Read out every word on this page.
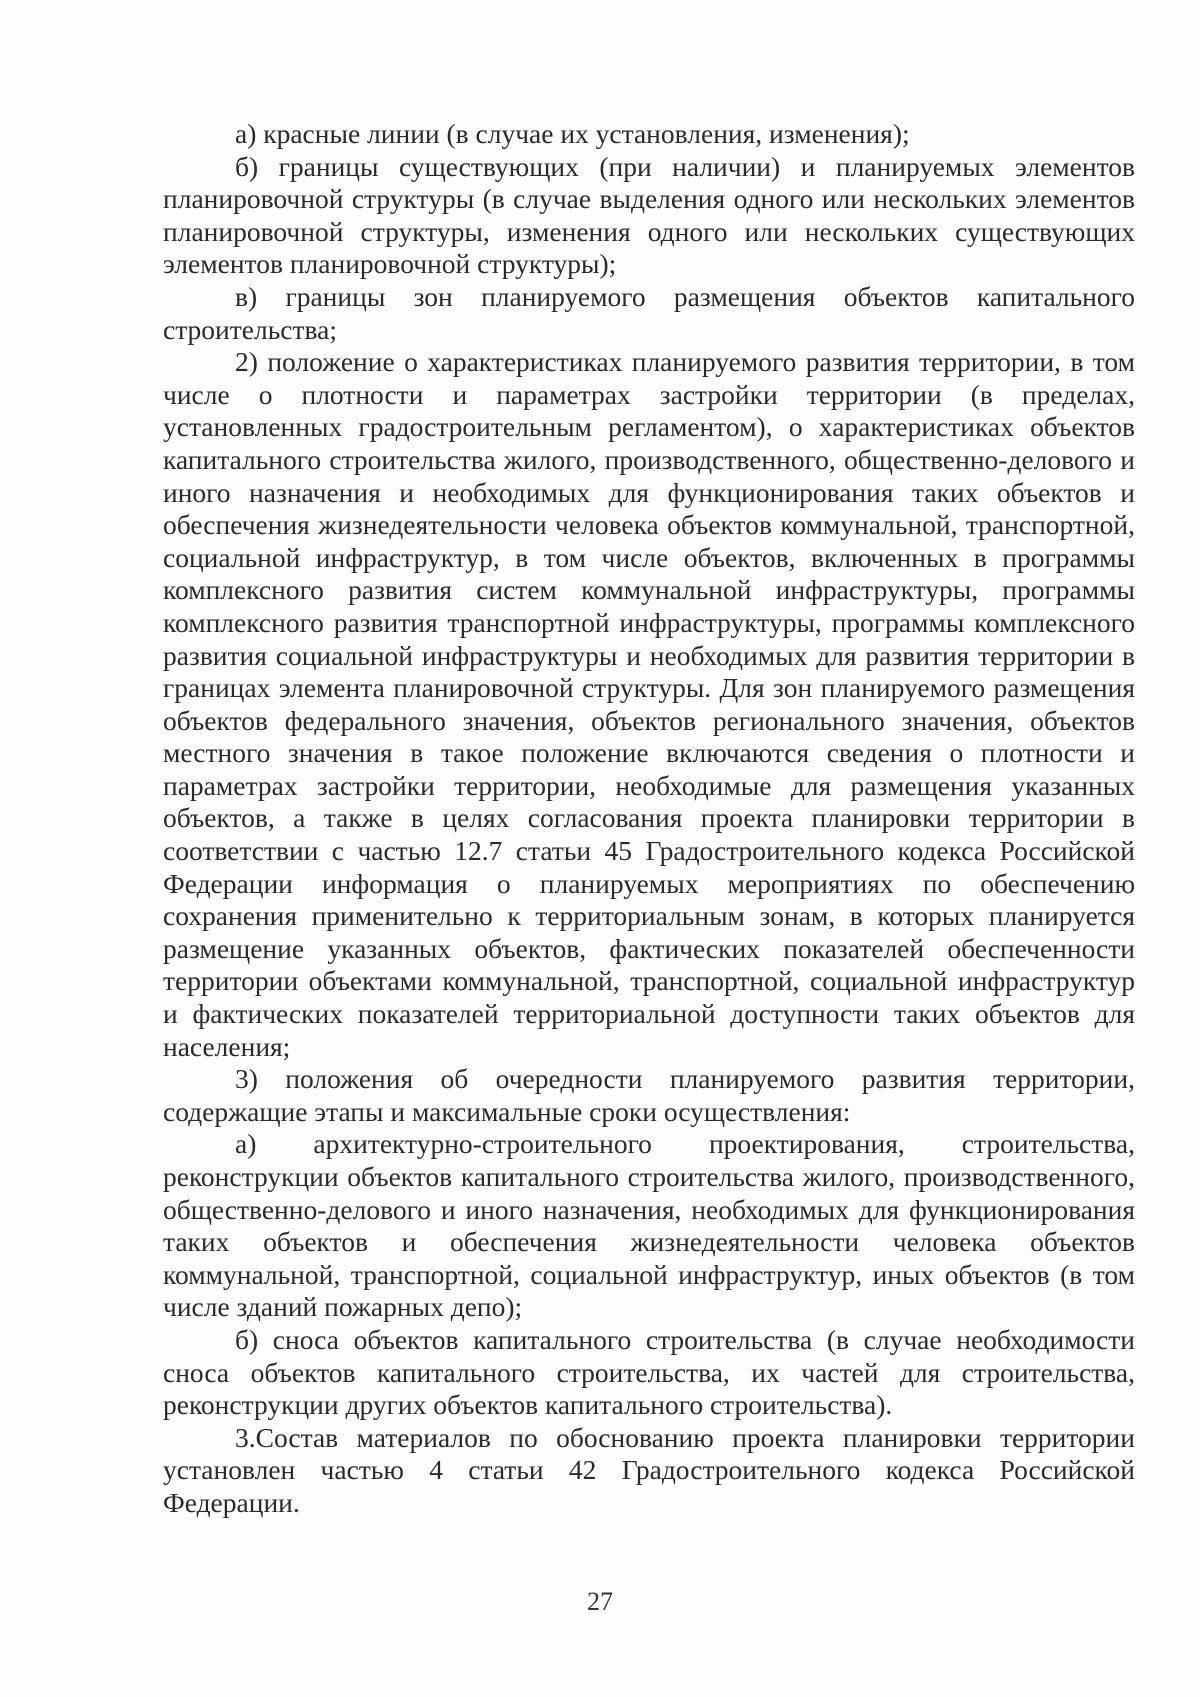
а) красные линии (в случае их установления, изменения);

б) границы существующих (при наличии) и планируемых элементов планировочной структуры (в случае выделения одного или нескольких элементов планировочной структуры, изменения одного или нескольких существующих элементов планировочной структуры);

в) границы зон планируемого размещения объектов капитального строительства;

2) положение о характеристиках планируемого развития территории, в том числе о плотности и параметрах застройки территории (в пределах, установленных градостроительным регламентом), о характеристиках объектов капитального строительства жилого, производственного, общественно-делового и иного назначения и необходимых для функционирования таких объектов и обеспечения жизнедеятельности человека объектов коммунальной, транспортной, социальной инфраструктур, в том числе объектов, включенных в программы комплексного развития систем коммунальной инфраструктуры, программы комплексного развития транспортной инфраструктуры, программы комплексного развития социальной инфраструктуры и необходимых для развития территории в границах элемента планировочной структуры. Для зон планируемого размещения объектов федерального значения, объектов регионального значения, объектов местного значения в такое положение включаются сведения о плотности и параметрах застройки территории, необходимые для размещения указанных объектов, а также в целях согласования проекта планировки территории в соответствии с частью 12.7 статьи 45 Градостроительного кодекса Российской Федерации информация о планируемых мероприятиях по обеспечению сохранения применительно к территориальным зонам, в которых планируется размещение указанных объектов, фактических показателей обеспеченности территории объектами коммунальной, транспортной, социальной инфраструктур и фактических показателей территориальной доступности таких объектов для населения;

3) положения об очередности планируемого развития территории, содержащие этапы и максимальные сроки осуществления:

а) архитектурно-строительного проектирования, строительства, реконструкции объектов капитального строительства жилого, производственного, общественно-делового и иного назначения, необходимых для функционирования таких объектов и обеспечения жизнедеятельности человека объектов коммунальной, транспортной, социальной инфраструктур, иных объектов (в том числе зданий пожарных депо);

б) сноса объектов капитального строительства (в случае необходимости сноса объектов капитального строительства, их частей для строительства, реконструкции других объектов капитального строительства).

3.Состав материалов по обоснованию проекта планировки территории установлен частью 4 статьи 42 Градостроительного кодекса Российской Федерации.

27
